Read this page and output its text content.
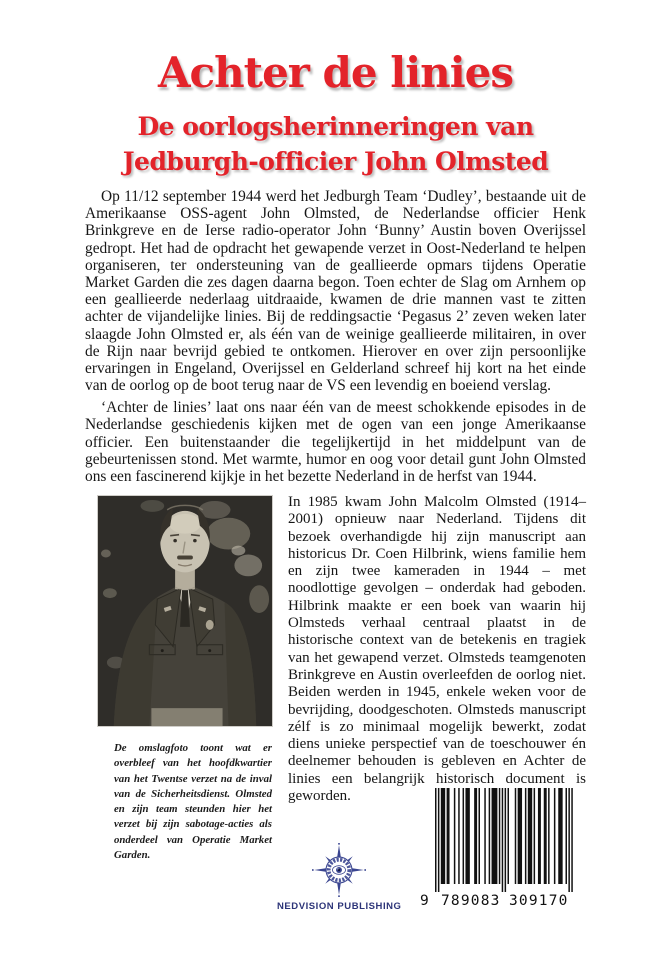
Achter de linies
De oorlogsherinneringen van
Jedburgh-officier John Olmsted
Op 11/12 september 1944 werd het Jedburgh Team ‘Dudley’, bestaande uit de Amerikaanse OSS-agent John Olmsted, de Nederlandse officier Henk Brinkgreve en de Ierse radio-operator John ‘Bunny’ Austin boven Overijssel gedropt. Het had de opdracht het gewapende verzet in Oost-Nederland te helpen organiseren, ter ondersteuning van de geallieerde opmars tijdens Operatie Market Garden die zes dagen daarna begon. Toen echter de Slag om Arnhem op een geallieerde nederlaag uitdraaide, kwamen de drie mannen vast te zitten achter de vijandelijke linies. Bij de reddingsactie ‘Pegasus 2’ zeven weken later slaagde John Olmsted er, als één van de weinige geallieerde militairen, in over de Rijn naar bevrijd gebied te ontkomen. Hierover en over zijn persoonlijke ervaringen in Engeland, Overijssel en Gelderland schreef hij kort na het einde van de oorlog op de boot terug naar de VS een levendig en boeiend verslag.
‘Achter de linies’ laat ons naar één van de meest schokkende episodes in de Nederlandse geschiedenis kijken met de ogen van een jonge Amerikaanse officier. Een buitenstaander die tegelijkertijd in het middelpunt van de gebeurtenissen stond. Met warmte, humor en oog voor detail gunt John Olmsted ons een fascinerend kijkje in het bezette Nederland in de herfst van 1944.
In 1985 kwam John Malcolm Olmsted (1914–2001) opnieuw naar Nederland. Tijdens dit bezoek overhandigde hij zijn manuscript aan historicus Dr. Coen Hilbrink, wiens familie hem en zijn twee kameraden in 1944 – met noodlottige gevolgen – onderdak had geboden. Hilbrink maakte er een boek van waarin hij Olmsteds verhaal centraal plaatst in de historische context van de betekenis en tragiek van het gewapend verzet. Olmsteds teamgenoten Brinkgreve en Austin overleefden de oorlog niet. Beiden werden in 1945, enkele weken voor de bevrijding, doodgeschoten. Olmsteds manuscript zélf is zo minimaal mogelijk bewerkt, zodat diens unieke perspectief van de toeschouwer én deelnemer behouden is gebleven en Achter de linies een belangrijk historisch document is geworden.
De omslagfoto toont wat er overbleef van het hoofdkwartier van het Twentse verzet na de inval van de Sicherheitsdienst. Olmsted en zijn team steunden hier het verzet bij zijn sabotage-acties als onderdeel van Operatie Market Garden.
NEDVISION PUBLISHING 9 789083 309170
